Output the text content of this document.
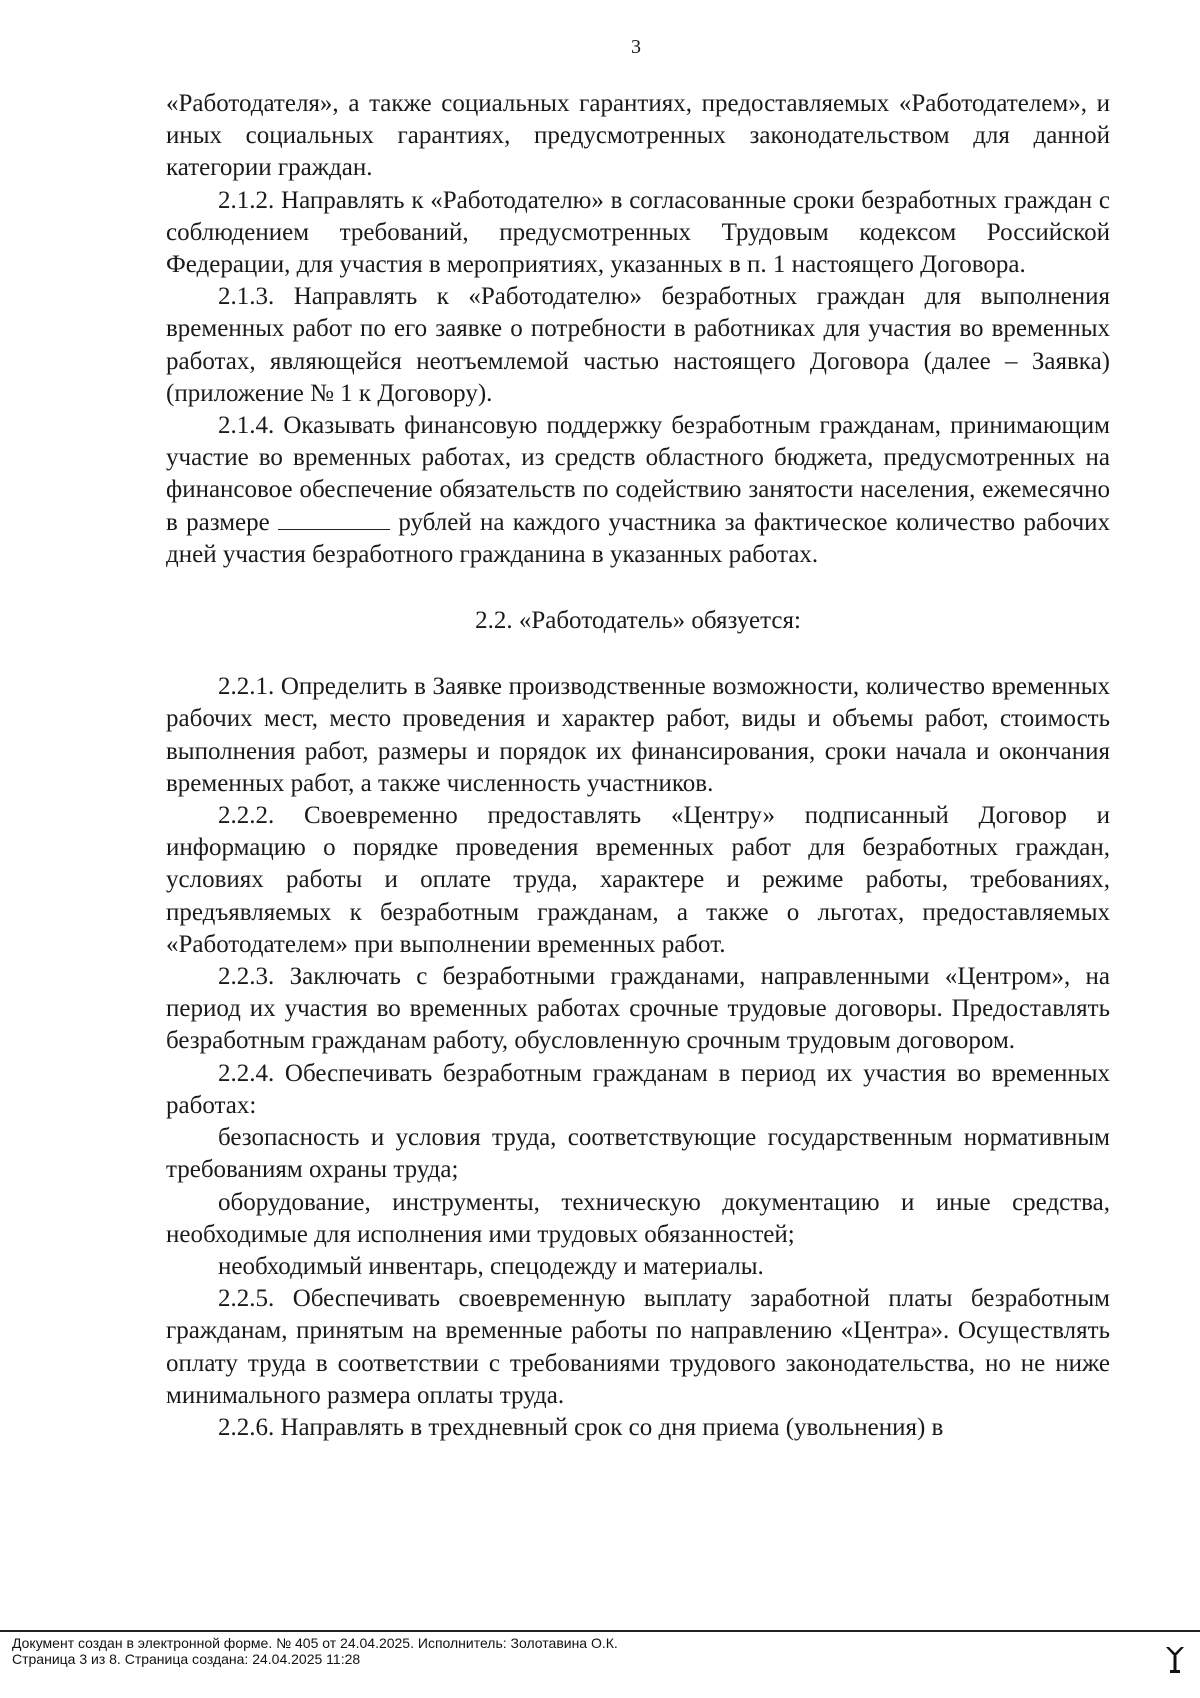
3

«Работодателя», а также социальных гарантиях, предоставляемых «Работодателем», и иных социальных гарантиях, предусмотренных законодательством для данной категории граждан.

2.1.2. Направлять к «Работодателю» в согласованные сроки безработных граждан с соблюдением требований, предусмотренных Трудовым кодексом Российской Федерации, для участия в мероприятиях, указанных в п. 1 настоящего Договора.

2.1.3. Направлять к «Работодателю» безработных граждан для выполнения временных работ по его заявке о потребности в работниках для участия во временных работах, являющейся неотъемлемой частью настоящего Договора (далее – Заявка) (приложение № 1 к Договору).

2.1.4. Оказывать финансовую поддержку безработным гражданам, принимающим участие во временных работах, из средств областного бюджета, предусмотренных на финансовое обеспечение обязательств по содействию занятости населения, ежемесячно в размере	рублей на каждого участника за фактическое количество рабочих дней участия безработного гражданина в указанных работах.

2.2. «Работодатель» обязуется:

2.2.1. Определить в Заявке производственные возможности, количество временных рабочих мест, место проведения и характер работ, виды и объемы работ, стоимость выполнения работ, размеры и порядок их финансирования, сроки начала и окончания временных работ, а также численность участников.

2.2.2. Своевременно предоставлять «Центру» подписанный Договор и информацию о порядке проведения временных работ для безработных граждан, условиях работы и оплате труда, характере и режиме работы, требованиях, предъявляемых к безработным гражданам, а также о льготах, предоставляемых «Работодателем» при выполнении временных работ.

2.2.3. Заключать с безработными гражданами, направленными «Центром», на период их участия во временных работах срочные трудовые договоры. Предоставлять безработным гражданам работу, обусловленную срочным трудовым договором.

2.2.4. Обеспечивать безработным гражданам в период их участия во временных работах:

безопасность и условия труда, соответствующие государственным нормативным требованиям охраны труда;

оборудование, инструменты, техническую документацию и иные средства, необходимые для исполнения ими трудовых обязанностей;

необходимый инвентарь, спецодежду и материалы.

2.2.5. Обеспечивать своевременную выплату заработной платы безработным гражданам, принятым на временные работы по направлению «Центра». Осуществлять оплату труда в соответствии с требованиями трудового законодательства, но не ниже минимального размера оплаты труда.

2.2.6. Направлять в трехдневный срок со дня приема (увольнения) в

Документ создан в электронной форме. № 405 от 24.04.2025. Исполнитель: Золотавина О.К.
Страница 3 из 8. Страница создана: 24.04.2025 11:28
